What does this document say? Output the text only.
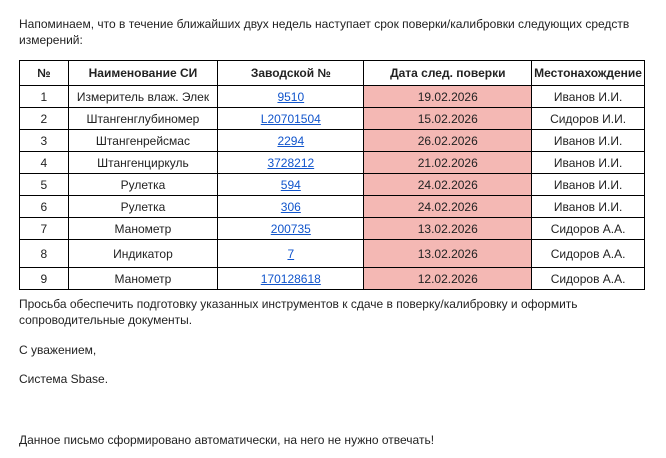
Напоминаем, что в течение ближайших двух недель наступает срок поверки/калибровки следующих средств измерений:

№	Наименование СИ	Заводской №	Дата след. поверки	Местонахождение
1	Измеритель влаж. Элек	9510	19.02.2026	Иванов И.И.
2	Штангенглубиномер	L20701504	15.02.2026	Сидоров И.И.
3	Штангенрейсмас	2294	26.02.2026	Иванов И.И.
4	Штангенциркуль	3728212	21.02.2026	Иванов И.И.
5	Рулетка	594	24.02.2026	Иванов И.И.
6	Рулетка	306	24.02.2026	Иванов И.И.
7	Манометр	200735	13.02.2026	Сидоров А.А.
8	Индикатор	7	13.02.2026	Сидоров А.А.
9	Манометр	170128618	12.02.2026	Сидоров А.А.

Просьба обеспечить подготовку указанных инструментов к сдаче в поверку/калибровку и оформить сопроводительные документы.

С уважением,

Система Sbase.

Данное письмо сформировано автоматически, на него не нужно отвечать!
